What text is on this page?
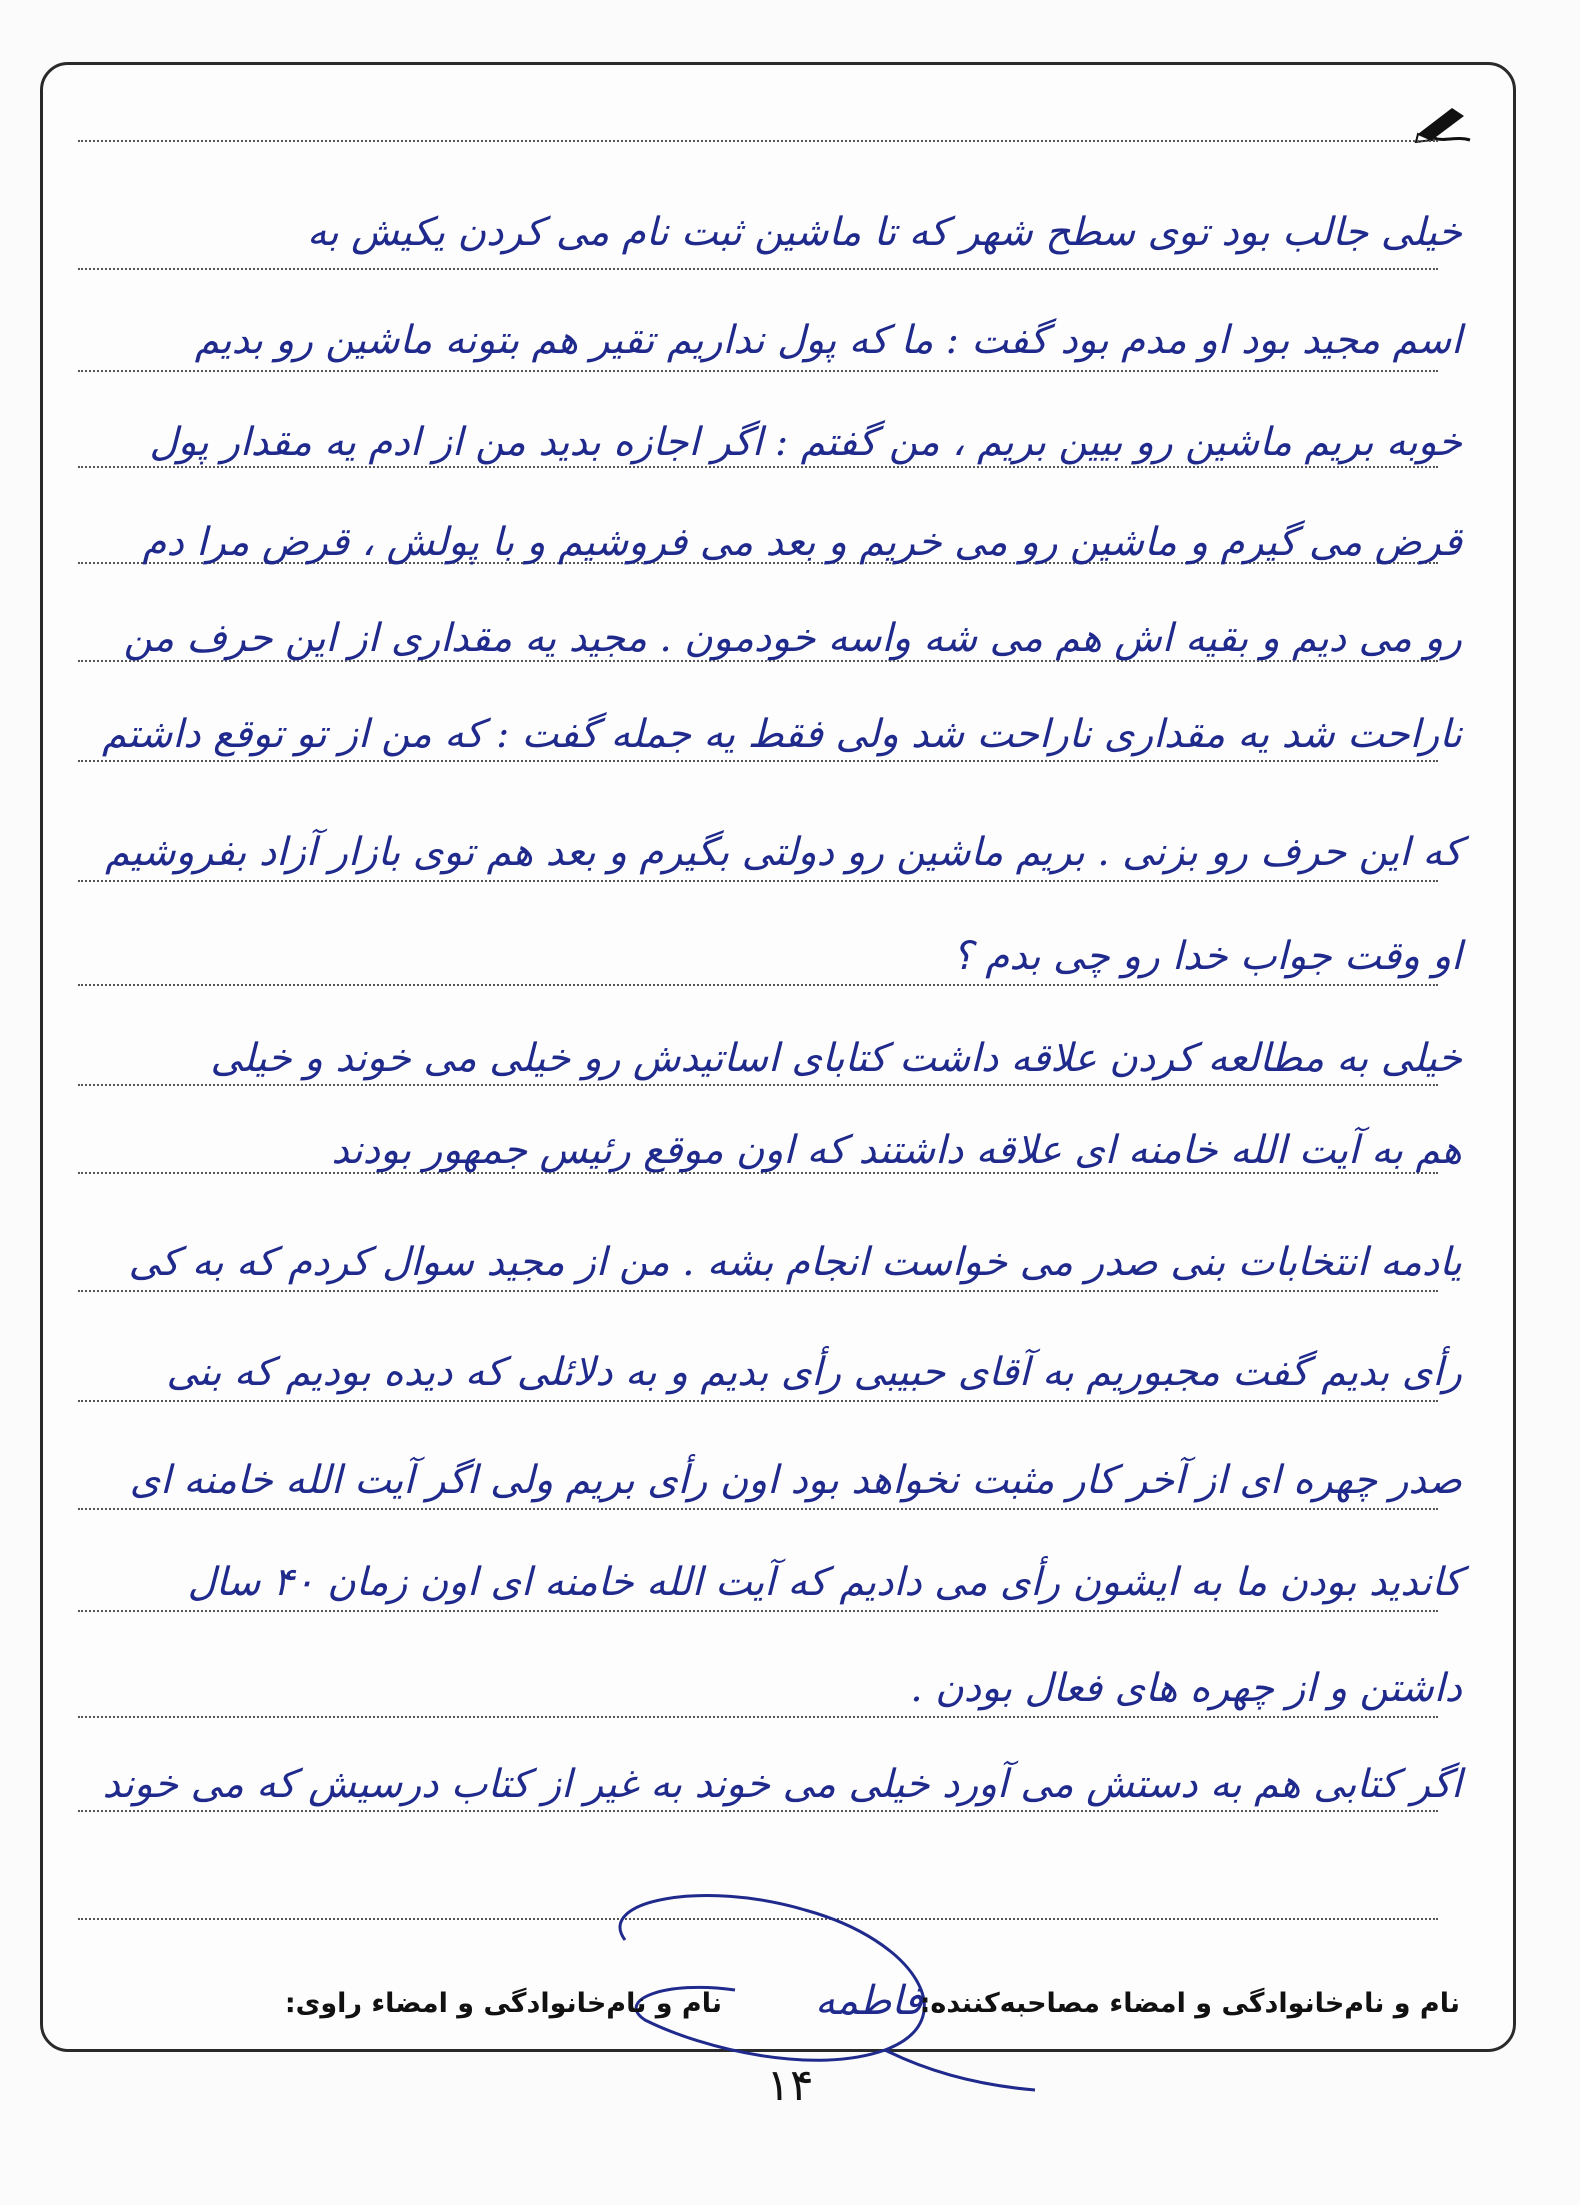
خیلی جالب بود توی سطح شهر که تا ماشین ثبت نام می کردن یکیش به
اسم مجید بود او مدم بود گفت : ما که پول نداریم تقیر هم بتونه ماشین رو بدیم
خوبه بریم ماشین رو بیین بریم ، من گفتم : اگر اجازه بدید من از ادم یه مقدار پول
قرض می گیرم و ماشین رو می خریم و بعد می فروشیم و با پولش ، قرض مرا دم
رو می دیم و بقیه اش هم می شه واسه خودمون . مجید یه مقداری از این حرف من
ناراحت شد یه مقداری ناراحت شد ولی فقط یه جمله گفت : که من از تو توقع داشتم
که این حرف رو بزنی . بریم ماشین رو دولتی بگیرم و بعد هم توی بازار آزاد بفروشیم
او وقت جواب خدا رو چی بدم ؟
خیلی به مطالعه کردن علاقه داشت کتابای اساتیدش رو خیلی می خوند و خیلی
هم به آیت الله خامنه ای علاقه داشتند که اون موقع رئیس جمهور بودند
یادمه انتخابات بنی صدر می خواست انجام بشه . من از مجید سوال کردم که به کی
رأی بدیم گفت مجبوریم به آقای حبیبی رأی بدیم و به دلائلی که دیده بودیم که بنی
صدر چهره ای از آخر کار مثبت نخواهد بود اون رأی بریم ولی اگر آیت الله خامنه ای
کاندید بودن ما به ایشون رأی می دادیم که آیت الله خامنه ای اون زمان ۴۰ سال
داشتن و از چهره های فعال بودن .
اگر کتابی هم به دستش می آورد خیلی می خوند به غیر از کتاب درسیش که می خوند
نام و نام‌خانوادگی و امضاء مصاحبه‌کننده:
فاطمه
نام و نام‌خانوادگی و امضاء راوی:
۱۴
